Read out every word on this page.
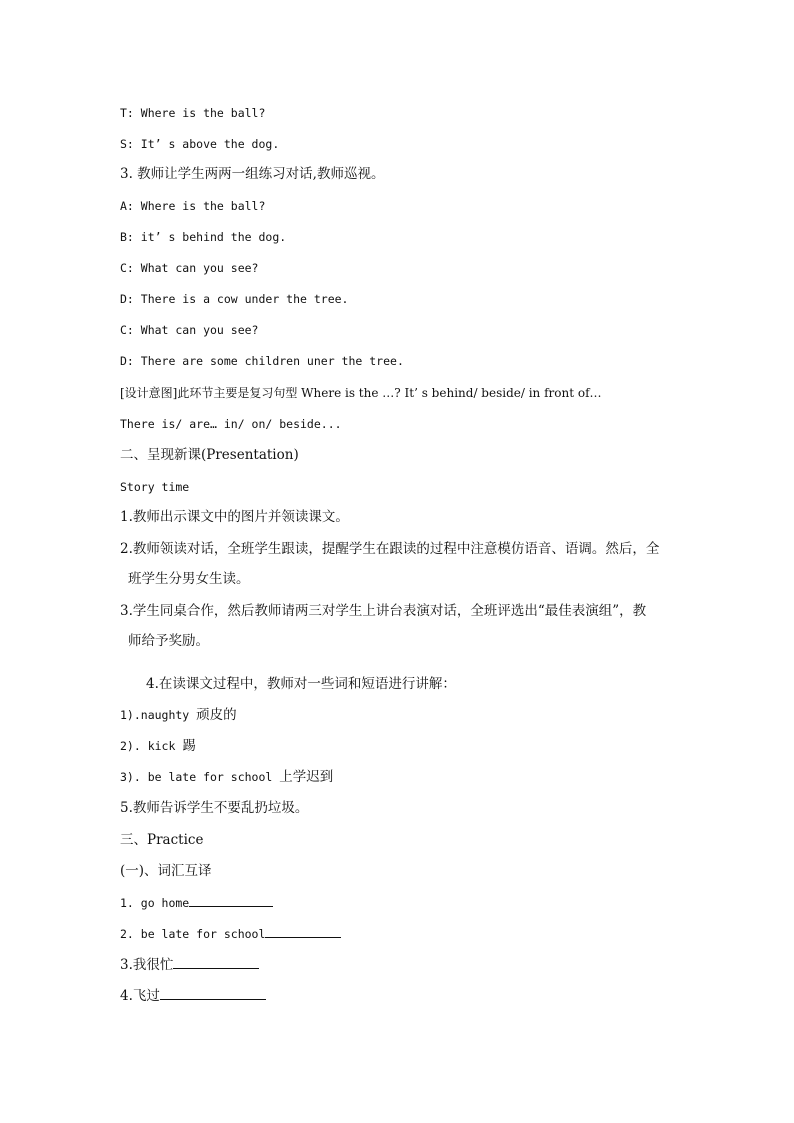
T: Where is the ball?
S: It’ s above the dog.
3. 教师让学生两两一组练习对话,教师巡视。
A: Where is the ball?
B: it’ s behind the dog.
C: What can you see?
D: There is a cow under the tree.
C: What can you see?
D: There are some children uner the tree.
[设计意图]此环节主要是复习句型 Where is the …? It’ s behind/ beside/ in front of…
There is/ are… in/ on/ beside...
二、呈现新课(Presentation)
Story time
1.教师出示课文中的图片并领读课文。
2.教师领读对话，全班学生跟读，提醒学生在跟读的过程中注意模仿语音、语调。然后，全
班学生分男女生读。
3.学生同桌合作，然后教师请两三对学生上讲台表演对话，全班评选出“最佳表演组”，教
师给予奖励。
4.在读课文过程中，教师对一些词和短语进行讲解：
1).naughty 顽皮的
2). kick 踢
3). be late for school 上学迟到
5.教师告诉学生不要乱扔垃圾。
三、Practice
(一)、词汇互译
1. go home
2. be late for school
3.我很忙
4.飞过
